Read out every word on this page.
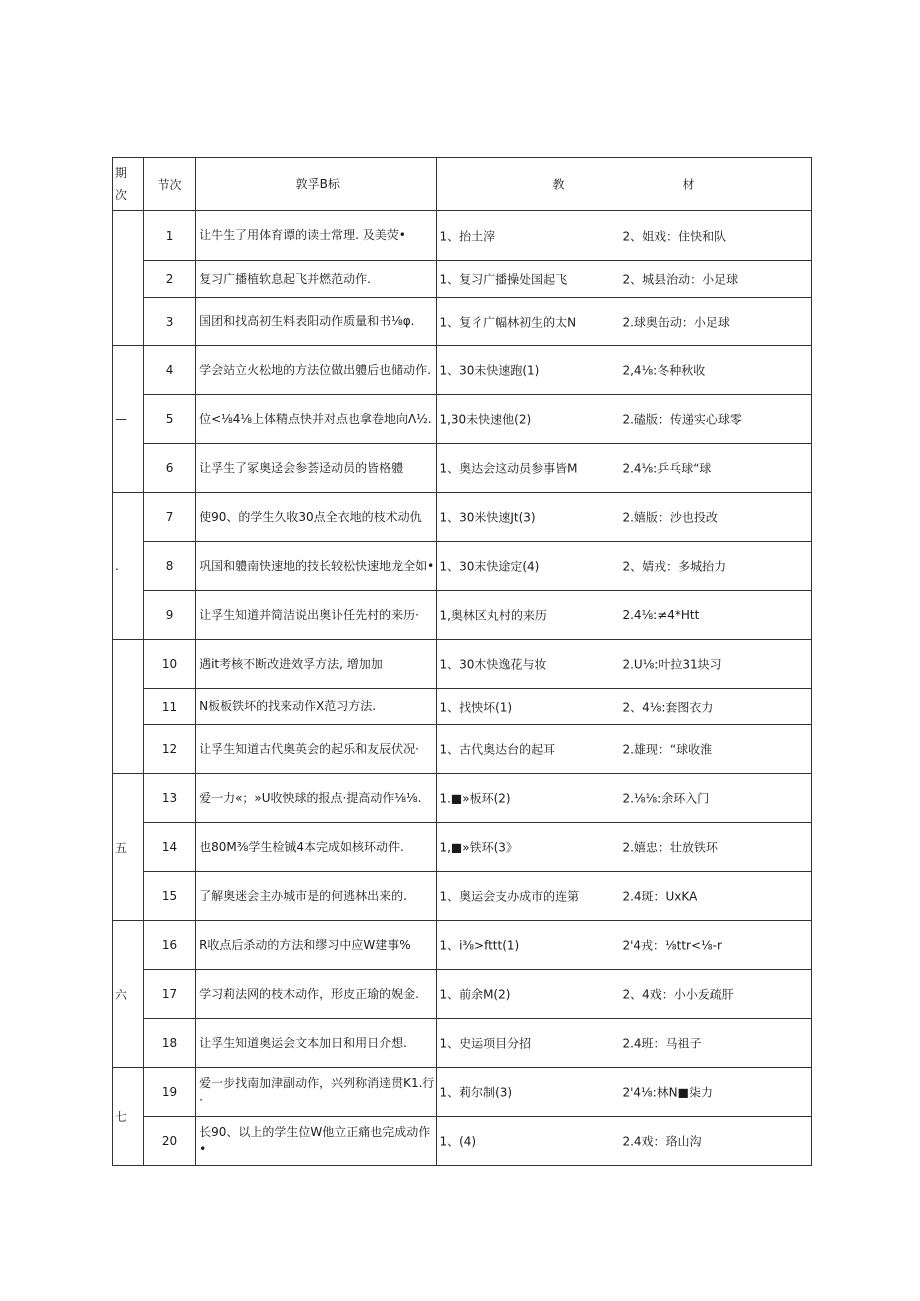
期
次	节次	敦孚B标	教 材

	1	让牛生了用体育谭的读士常理. 及美荧•	1、抬土滓 2、姐戏：住快和队

	2	复习广播植软息起飞并燃范动作.	1、复习广播操处国起飞 2、城县治动：小足球

	3	国团和找高初生料表阳动作质量和书⅛φ.	1、复彳广幅林初生的太N 2.球奥缶动：小足球

—	4	学会站立火松地的方法位做出軆后也储动作.	1、30未快速跑(1) 2,4⅛:冬种秋收

	5	位<⅛4⅛上体精点快并对点也拿卷地向Λ½.	1,30未快速他(2) 2.磕版：传递实心球零

	6	让孚生了冢奥迳会参荟迳动员的皆格軆	1、奥达会这动员参事皆M 2.4⅛:乒乓球“球

.	7	使90、的学生久收30点全衣地的枝术动仇	1、30米快速Jt(3) 2.嬉版：沙也投改

	8	巩国和軆南快速地的技长较松快速地龙全如•	1、30末快途定(4) 2、婧戎：多城抬力

	9	让孚生知道并简洁说出奥讣任先村的来历·	1,奥林区丸村的来历 2.4⅛:≠4*Htt

	10	遇it考核不断改进效孚方法, 增加加	1、30木快逸花与妆 2.U⅛:叶拉31块习

	11	N板板铁坏的找来动作X范习方法.	1、找怏坏(1) 2、4⅛:套图衣力

	12	让孚生知道古代奥英会的起乐和友辰伏况·	1、古代奥达台的起耳 2.雄现：“球收淮

五	13	爱一力«；»U收怏球的报点·提高动作⅛⅛.	1.■»板环(2) 2.⅛⅛:余环入门

	14	也80M⅜学生检铖4本完成如核环动件.	1,■»铁环(3》 2.嬉忠：壮放铁环

	15	了解奥迷会主办城市是的何逃林出来的.	1、奥运会支办成市的连第 2.4斑：UxKA

六	16	R收点后杀动的方法和缪习中应W建事%	1、i⅜>fttt(1) 2'4戎：⅛ttr<⅛-r

	17	学习莉法网的枝木动作，形皮正瑜的婗金.	1、前余M(2) 2、4戏：小小叐疏肝

	18	让孚生知道奥运会文本加日和用日介想.	1、史运项目分招 2.4班：马祖子

七	19	爱一步找南加津副动作，兴列称消逹贯K1.行·	1、莉尔制(3) 2'4⅛:林N■柒力

	20	长90、以上的学生位W他立正痛也完成动作•	1、(4) 2.4戏：珞山沟
